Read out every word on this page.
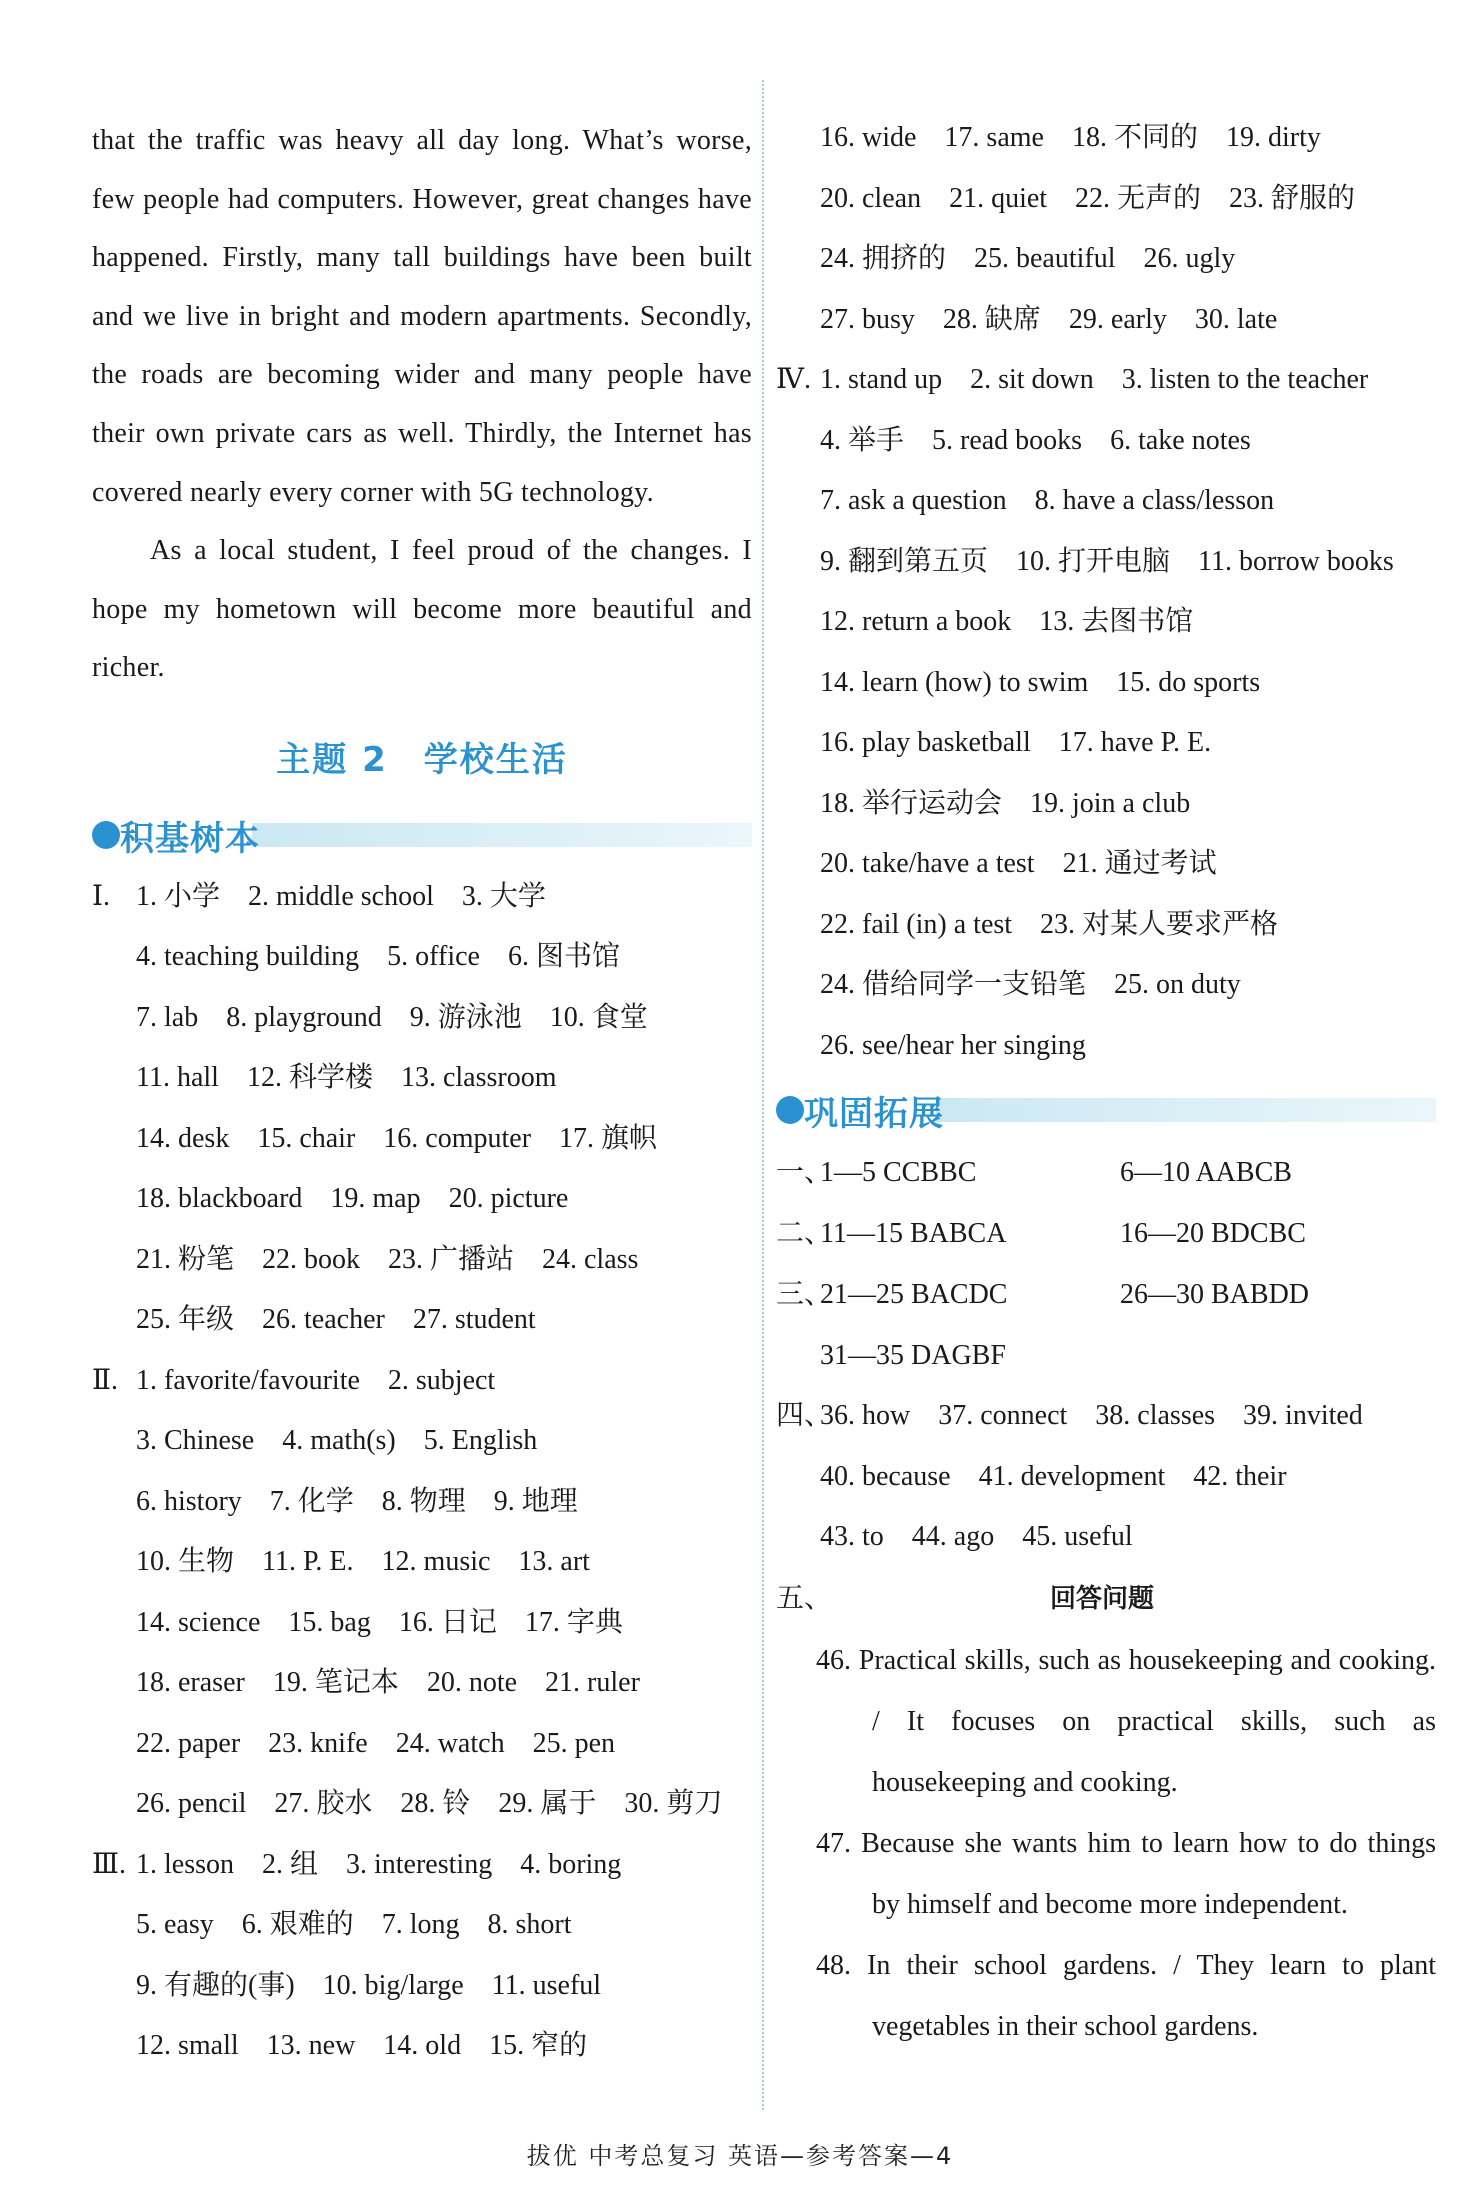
that the traffic was heavy all day long. What’s worse, few people had computers. However, great changes have happened. Firstly, many tall buildings have been built and we live in bright and modern apartments. Secondly, the roads are becoming wider and many people have their own private cars as well. Thirdly, the Internet has covered nearly every corner with 5G technology.

As a local student, I feel proud of the changes. I hope my hometown will become more beautiful and richer.

主题 2　学校生活
积基树本
Ⅰ. 1. 小学　2. middle school　3. 大学
4. teaching building　5. office　6. 图书馆
7. lab　8. playground　9. 游泳池　10. 食堂
11. hall　12. 科学楼　13. classroom
14. desk　15. chair　16. computer　17. 旗帜
18. blackboard　19. map　20. picture
21. 粉笔　22. book　23. 广播站　24. class
25. 年级　26. teacher　27. student
Ⅱ. 1. favorite/favourite　2. subject
3. Chinese　4. math(s)　5. English
6. history　7. 化学　8. 物理　9. 地理
10. 生物　11. P. E.　12. music　13. art
14. science　15. bag　16. 日记　17. 字典
18. eraser　19. 笔记本　20. note　21. ruler
22. paper　23. knife　24. watch　25. pen
26. pencil　27. 胶水　28. 铃　29. 属于　30. 剪刀
Ⅲ. 1. lesson　2. 组　3. interesting　4. boring
5. easy　6. 艰难的　7. long　8. short
9. 有趣的(事)　10. big/large　11. useful
12. small　13. new　14. old　15. 窄的
16. wide　17. same　18. 不同的　19. dirty
20. clean　21. quiet　22. 无声的　23. 舒服的
24. 拥挤的　25. beautiful　26. ugly
27. busy　28. 缺席　29. early　30. late
Ⅳ. 1. stand up　2. sit down　3. listen to the teacher
4. 举手　5. read books　6. take notes
7. ask a question　8. have a class/lesson
9. 翻到第五页　10. 打开电脑　11. borrow books
12. return a book　13. 去图书馆
14. learn (how) to swim　15. do sports
16. play basketball　17. have P. E.
18. 举行运动会　19. join a club
20. take/have a test　21. 通过考试
22. fail (in) a test　23. 对某人要求严格
24. 借给同学一支铅笔　25. on duty
26. see/hear her singing
巩固拓展
一、1—5 CCBBC	6—10 AABCB
二、11—15 BABCA	16—20 BDCBC
三、21—25 BACDC	26—30 BABDD
31—35 DAGBF
四、36. how　37. connect　38. classes　39. invited
40. because　41. development　42. their
43. to　44. ago　45. useful
五、	回答问题

46. Practical skills, such as housekeeping and cooking. / It focuses on practical skills, such as housekeeping and cooking.

47. Because she wants him to learn how to do things by himself and become more independent.

48. In their school gardens. / They learn to plant vegetables in their school gardens.

拔优 中考总复习 英语—参考答案—4
